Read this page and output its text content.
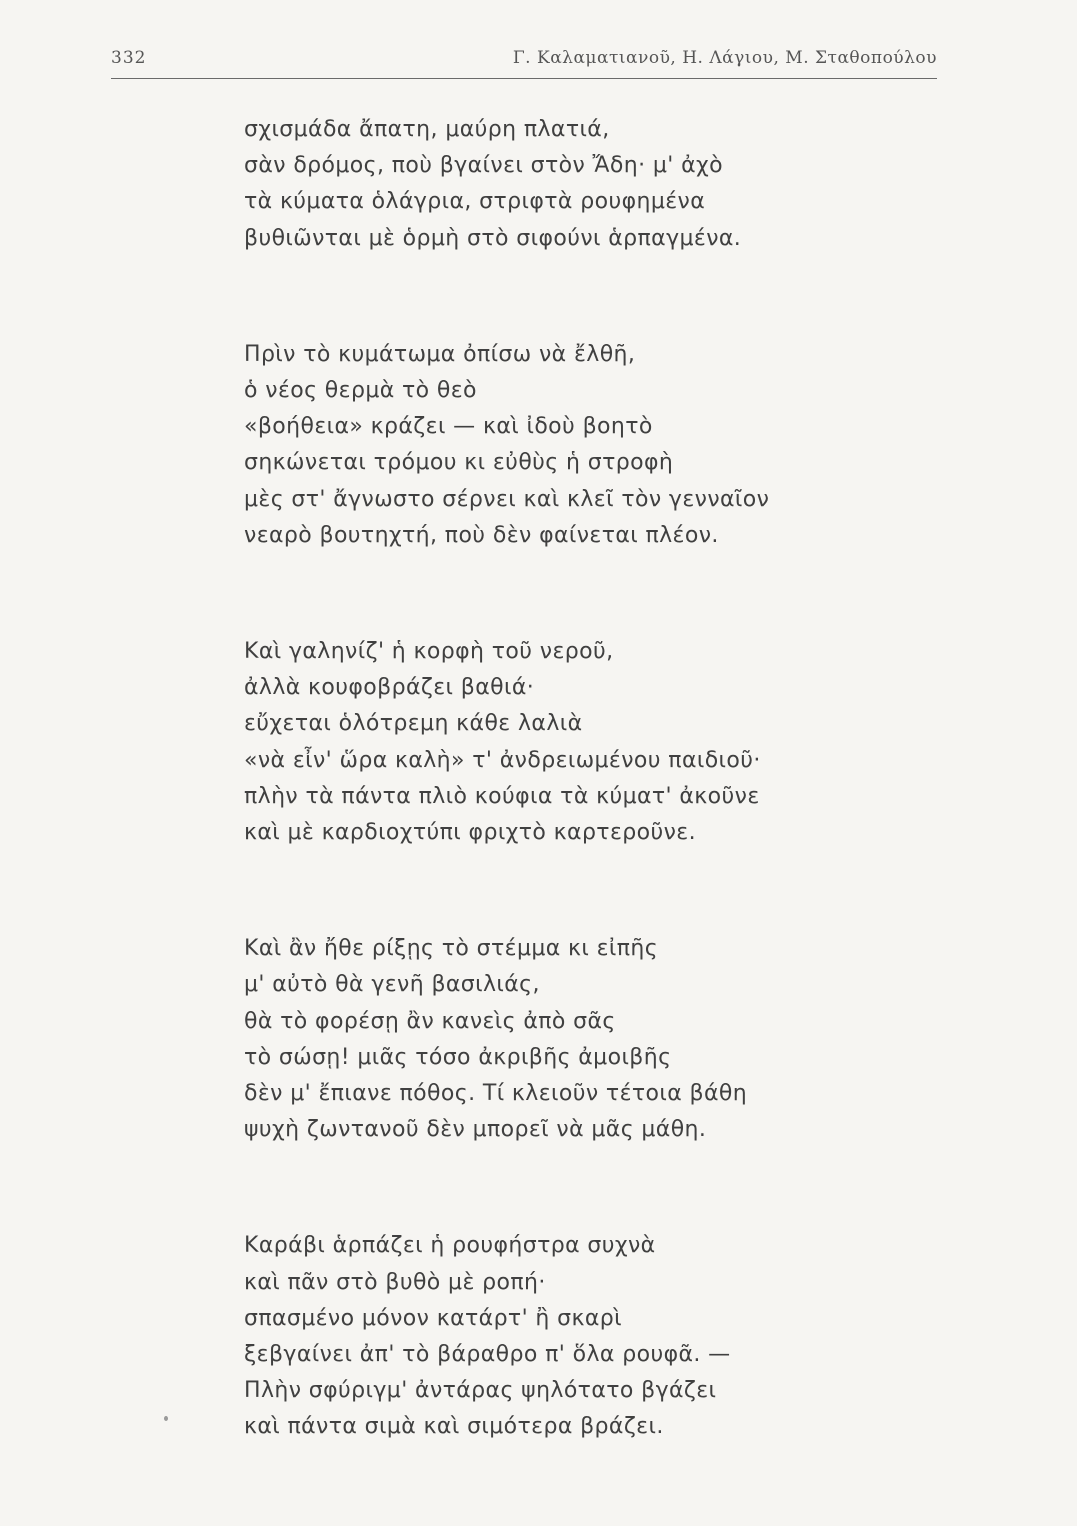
332	Γ. Καλαματιανοῦ, Η. Λάγιου, Μ. Σταθοπούλου
σχισμάδα ἄπατη, μαύρη πλατιά,
σὰν δρόμος, ποὺ βγαίνει στὸν Ἄδη· μ' ἀχὸ
τὰ κύματα ὁλάγρια, στριφτὰ ρουφημένα
βυθιῶνται μὲ ὁρμὴ στὸ σιφούνι ἁρπαγμένα.
Πρὶν τὸ κυμάτωμα ὀπίσω νὰ ἔλθῆ,
ὁ νέος θερμὰ τὸ θεὸ
«βοήθεια» κράζει — καὶ ἰδοὺ βοητὸ
σηκώνεται τρόμου κι εὐθὺς ἡ στροφὴ
μὲς στ' ἄγνωστο σέρνει καὶ κλεῖ τὸν γενναῖον
νεαρὸ βουτηχτή, ποὺ δὲν φαίνεται πλέον.
Καὶ γαληνίζ' ἡ κορφὴ τοῦ νεροῦ,
ἀλλὰ κουφοβράζει βαθιά·
εὔχεται ὁλότρεμη κάθε λαλιὰ
«νὰ εἶν' ὥρα καλὴ» τ' ἀνδρειωμένου παιδιοῦ·
πλὴν τὰ πάντα πλιὸ κούφια τὰ κύματ' ἀκοῦνε
καὶ μὲ καρδιοχτύπι φριχτὸ καρτεροῦνε.
Καὶ ἂν ἤθε ρίξῃς τὸ στέμμα κι εἰπῆς
μ' αὐτὸ θὰ γενῆ βασιλιάς,
θὰ τὸ φορέσῃ ἂν κανεὶς ἀπὸ σᾶς
τὸ σώσῃ! μιᾶς τόσο ἀκριβῆς ἀμοιβῆς
δὲν μ' ἔπιανε πόθος. Τί κλειοῦν τέτοια βάθη
ψυχὴ ζωντανοῦ δὲν μπορεῖ νὰ μᾶς μάθη.
Καράβι ἁρπάζει ἡ ρουφήστρα συχνὰ
καὶ πᾶν στὸ βυθὸ μὲ ροπή·
σπασμένο μόνον κατάρτ' ἢ σκαρὶ
ξεβγαίνει ἀπ' τὸ βάραθρο π' ὅλα ρουφᾶ. —
Πλὴν σφύριγμ' ἀντάρας ψηλότατο βγάζει
καὶ πάντα σιμὰ καὶ σιμότερα βράζει.
